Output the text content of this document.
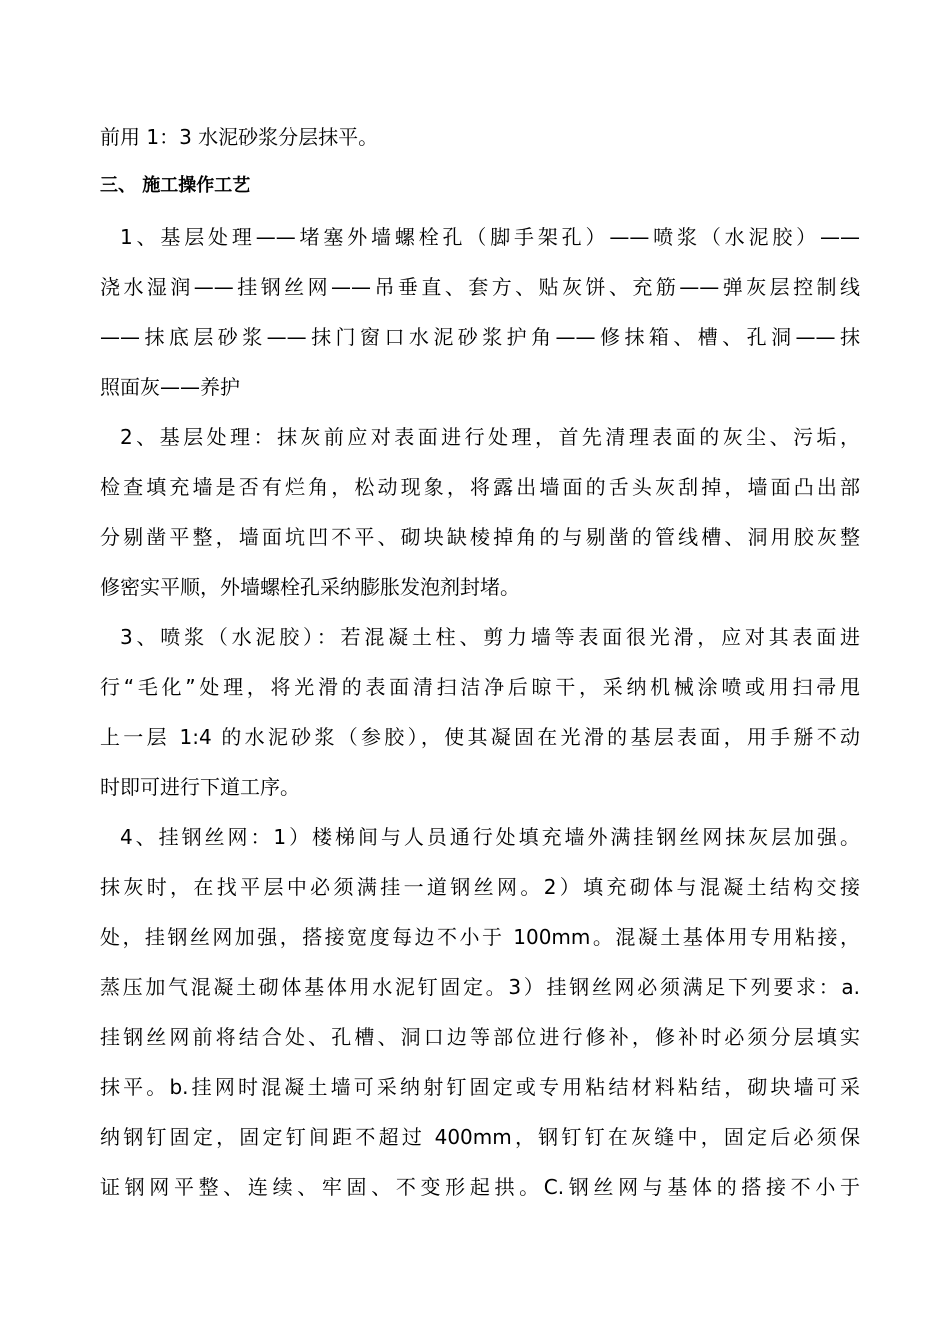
前用 1：3 水泥砂浆分层抹平。
三、 施工操作工艺
1、基层处理——堵塞外墙螺栓孔（脚手架孔）——喷浆（水泥胶）——
浇水湿润——挂钢丝网——吊垂直、套方、贴灰饼、充筋——弹灰层控制线
——抹底层砂浆——抹门窗口水泥砂浆护角——修抹箱、槽、孔洞——抹
照面灰——养护
2、基层处理：抹灰前应对表面进行处理，首先清理表面的灰尘、污垢，
检查填充墙是否有烂角，松动现象，将露出墙面的舌头灰刮掉，墙面凸出部
分剔凿平整，墙面坑凹不平、砌块缺棱掉角的与剔凿的管线槽、洞用胶灰整
修密实平顺，外墙螺栓孔采纳膨胀发泡剂封堵。
3、喷浆（水泥胶）：若混凝土柱、剪力墙等表面很光滑，应对其表面进
行“毛化”处理，将光滑的表面清扫洁净后晾干，采纳机械涂喷或用扫帚甩
上一层 1:4 的水泥砂浆（参胶），使其凝固在光滑的基层表面，用手掰不动
时即可进行下道工序。
4、挂钢丝网：1）楼梯间与人员通行处填充墙外满挂钢丝网抹灰层加强。
抹灰时，在找平层中必须满挂一道钢丝网。2）填充砌体与混凝土结构交接
处，挂钢丝网加强，搭接宽度每边不小于 100mm。混凝土基体用专用粘接，
蒸压加气混凝土砌体基体用水泥钉固定。3）挂钢丝网必须满足下列要求：a.
挂钢丝网前将结合处、孔槽、洞口边等部位进行修补，修补时必须分层填实
抹平。b.挂网时混凝土墙可采纳射钉固定或专用粘结材料粘结，砌块墙可采
纳钢钉固定，固定钉间距不超过 400mm，钢钉钉在灰缝中，固定后必须保
证钢网平整、连续、牢固、不变形起拱。C.钢丝网与基体的搭接不小于
